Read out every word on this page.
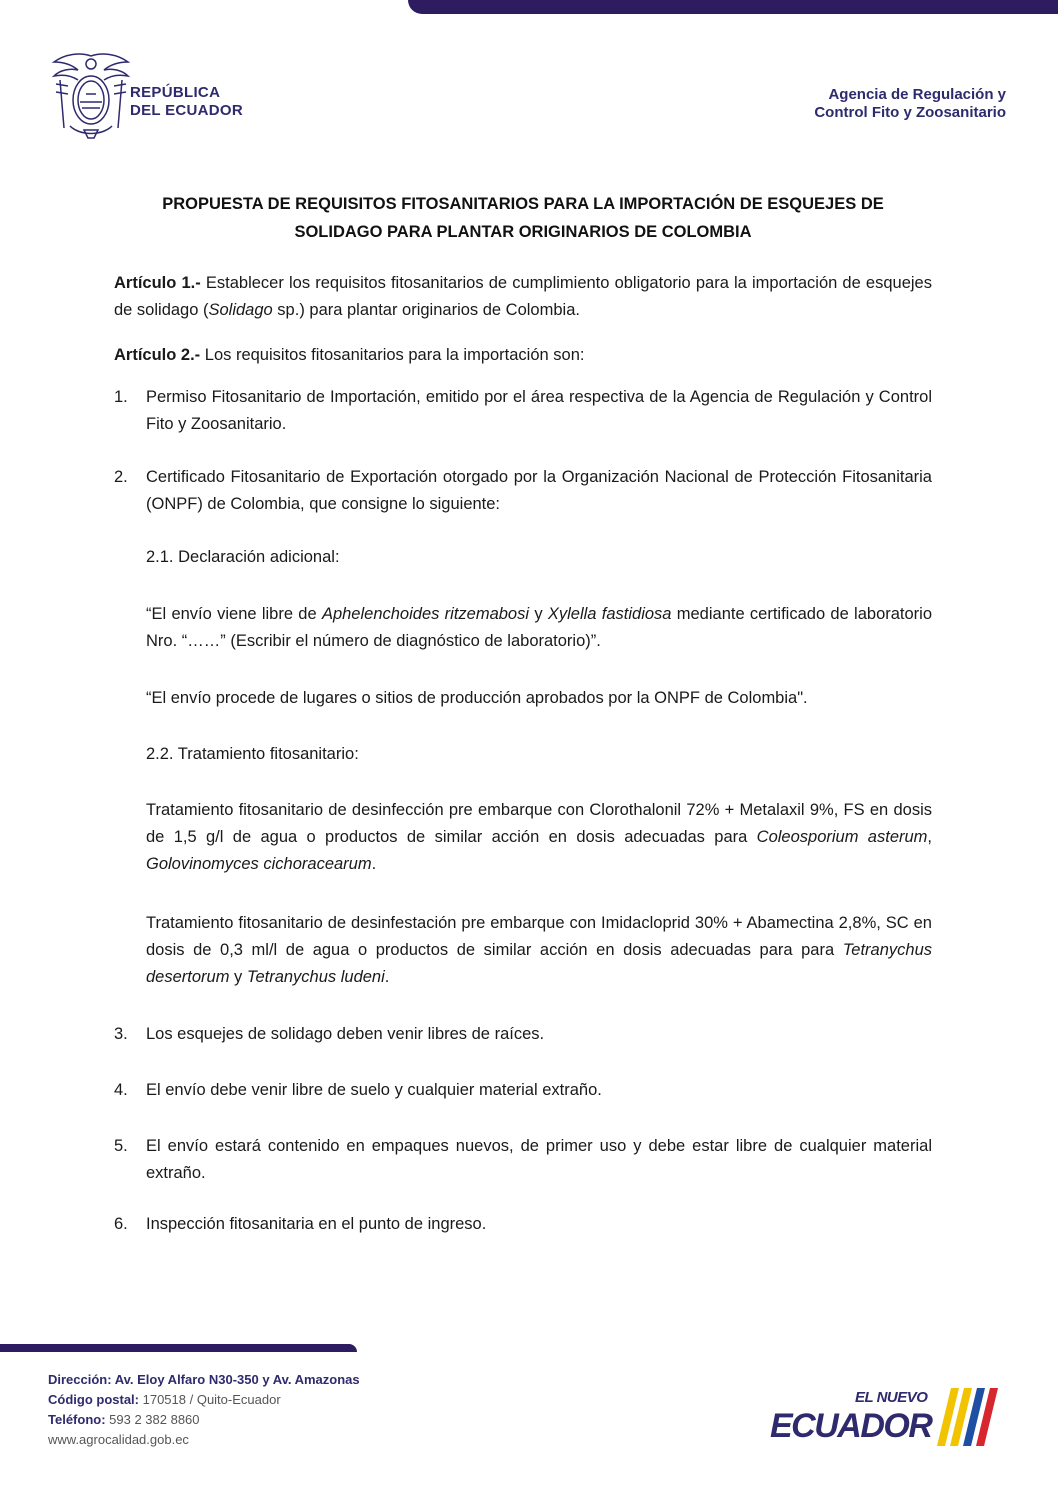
REPÚBLICA
DEL ECUADOR
Agencia de Regulación y
Control Fito y Zoosanitario
PROPUESTA DE REQUISITOS FITOSANITARIOS PARA LA IMPORTACIÓN DE ESQUEJES DE
SOLIDAGO PARA PLANTAR ORIGINARIOS DE COLOMBIA

Artículo 1.- Establecer los requisitos fitosanitarios de cumplimiento obligatorio para la importación de esquejes de solidago (Solidago sp.) para plantar originarios de Colombia.

Artículo 2.- Los requisitos fitosanitarios para la importación son:

1.	Permiso Fitosanitario de Importación, emitido por el área respectiva de la Agencia de Regulación y Control Fito y Zoosanitario.

2.	Certificado Fitosanitario de Exportación otorgado por la Organización Nacional de Protección Fitosanitaria (ONPF) de Colombia, que consigne lo siguiente:

2.1. Declaración adicional:

“El envío viene libre de Aphelenchoides ritzemabosi y Xylella fastidiosa mediante certificado de laboratorio Nro. “……” (Escribir el número de diagnóstico de laboratorio)”.

“El envío procede de lugares o sitios de producción aprobados por la ONPF de Colombia".

2.2. Tratamiento fitosanitario:

Tratamiento fitosanitario de desinfección pre embarque con Clorothalonil 72% + Metalaxil 9%, FS en dosis de 1,5 g/l de agua o productos de similar acción en dosis adecuadas para Coleosporium asterum, Golovinomyces cichoracearum.

Tratamiento fitosanitario de desinfestación pre embarque con Imidacloprid 30% + Abamectina 2,8%, SC en dosis de 0,3 ml/l de agua o productos de similar acción en dosis adecuadas para para Tetranychus desertorum y Tetranychus ludeni.

3.	Los esquejes de solidago deben venir libres de raíces.

4.	El envío debe venir libre de suelo y cualquier material extraño.

5.	El envío estará contenido en empaques nuevos, de primer uso y debe estar libre de cualquier material extraño.

6.	Inspección fitosanitaria en el punto de ingreso.

Dirección: Av. Eloy Alfaro N30-350 y Av. Amazonas
Código postal: 170518 / Quito-Ecuador
Teléfono: 593 2 382 8860
www.agrocalidad.gob.ec
EL NUEVO
ECUADOR
